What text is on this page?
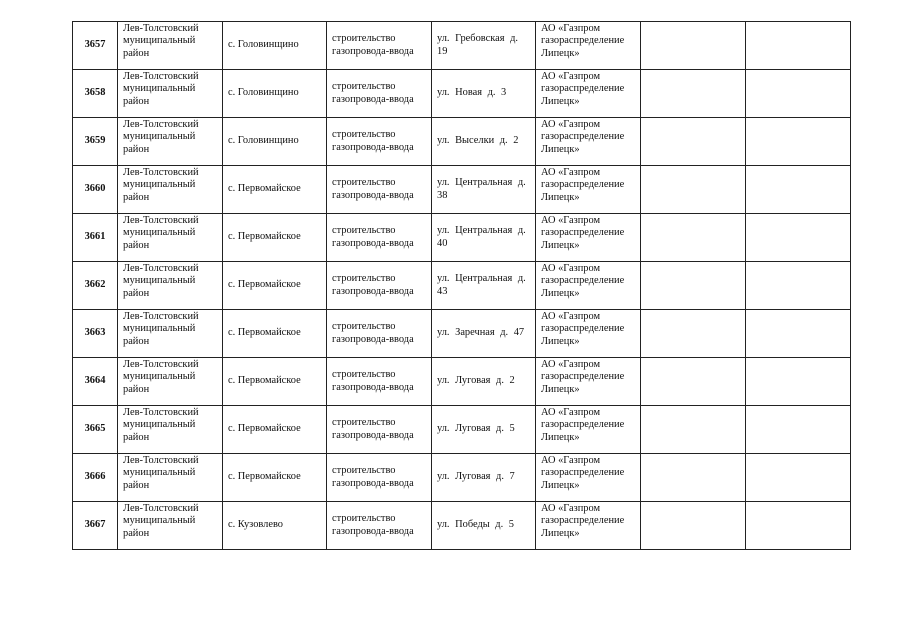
3657	Лев-Толстовский муниципальный район	с. Головинщино	строительство газопровода-ввода	ул. Гребовская д. 19	АО «Газпром газораспределение Липецк»		
3658	Лев-Толстовский муниципальный район	с. Головинщино	строительство газопровода-ввода	ул. Новая д. 3	АО «Газпром газораспределение Липецк»		
3659	Лев-Толстовский муниципальный район	с. Головинщино	строительство газопровода-ввода	ул. Выселки д. 2	АО «Газпром газораспределение Липецк»		
3660	Лев-Толстовский муниципальный район	с. Первомайское	строительство газопровода-ввода	ул. Центральная д. 38	АО «Газпром газораспределение Липецк»		
3661	Лев-Толстовский муниципальный район	с. Первомайское	строительство газопровода-ввода	ул. Центральная д. 40	АО «Газпром газораспределение Липецк»		
3662	Лев-Толстовский муниципальный район	с. Первомайское	строительство газопровода-ввода	ул. Центральная д. 43	АО «Газпром газораспределение Липецк»		
3663	Лев-Толстовский муниципальный район	с. Первомайское	строительство газопровода-ввода	ул. Заречная д. 47	АО «Газпром газораспределение Липецк»		
3664	Лев-Толстовский муниципальный район	с. Первомайское	строительство газопровода-ввода	ул. Луговая д. 2	АО «Газпром газораспределение Липецк»		
3665	Лев-Толстовский муниципальный район	с. Первомайское	строительство газопровода-ввода	ул. Луговая д. 5	АО «Газпром газораспределение Липецк»		
3666	Лев-Толстовский муниципальный район	с. Первомайское	строительство газопровода-ввода	ул. Луговая д. 7	АО «Газпром газораспределение Липецк»		
3667	Лев-Толстовский муниципальный район	с. Кузовлево	строительство газопровода-ввода	ул. Победы д. 5	АО «Газпром газораспределение Липецк»		
